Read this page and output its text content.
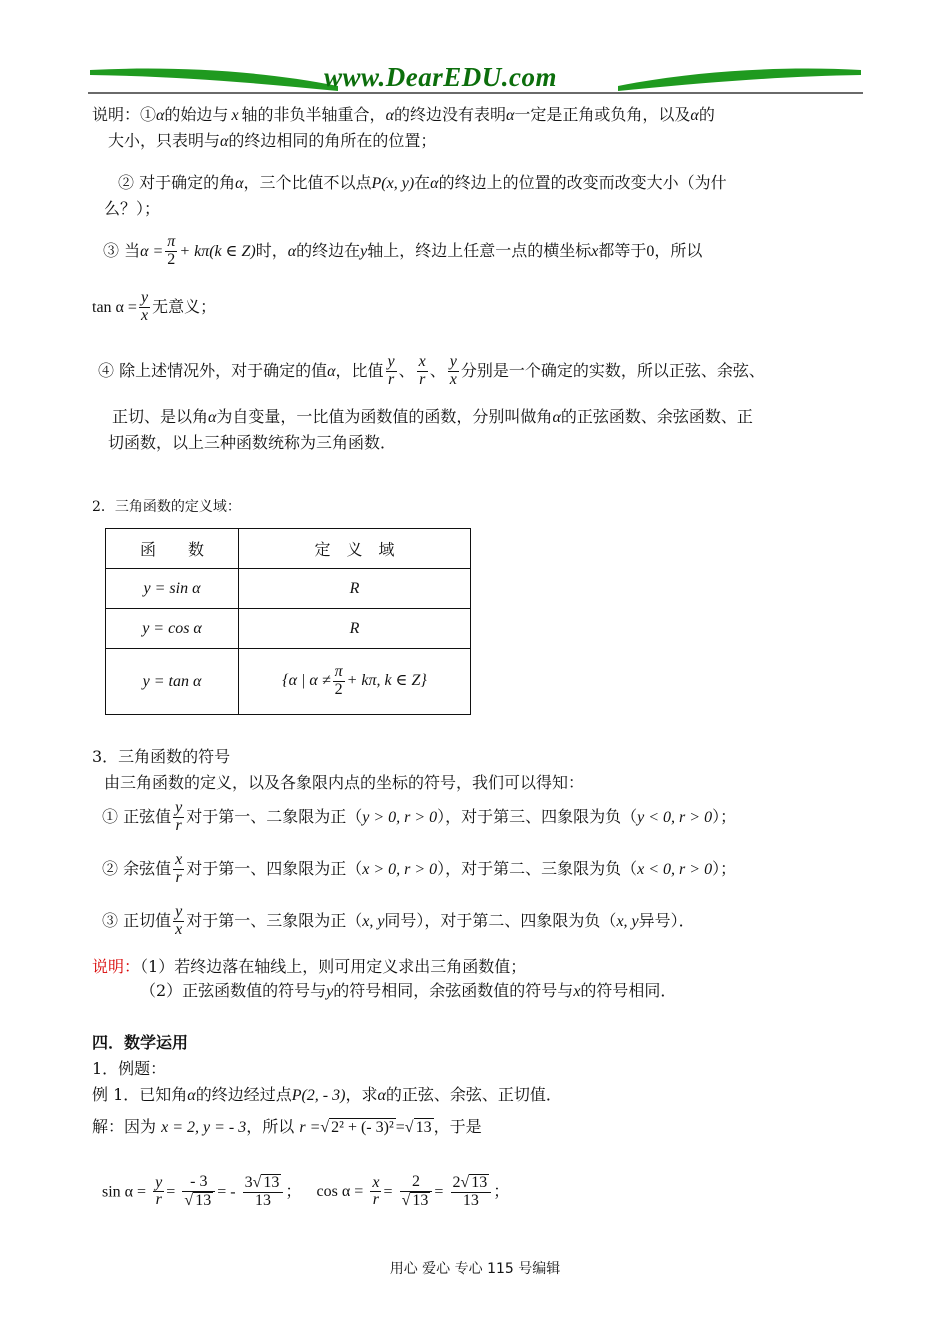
www.DearEDU.com
说明：①α的始边与 x 轴的非负半轴重合，α的终边没有表明α一定是正角或负角，以及α的
大小，只表明与α的终边相同的角所在的位置；
② 对于确定的角α，三个比值不以点P(x, y)在α的终边上的位置的改变而改变大小（为什
么？）；
③ 当$\alpha = \frac{\pi}{2} + k\pi(k$ ∈ Z)时，α的终边在y轴上，终边上任意一点的横坐标x都等于0，所以
$\tan \alpha = \frac{y}{x}$ 无意义；
④ 除上述情况外，对于确定的值α，比值 $\frac{y}{r}$ 、 $\frac{x}{r}$ 、 $\frac{y}{x}$ 分别是一个确定的实数，所以正弦、余弦、
正切、是以角α为自变量，一比值为函数值的函数，分别叫做角α的正弦函数、余弦函数、正
切函数，以上三种函数统称为三角函数．
2．三角函数的定义域：
函　　数	定　义　域
y = sin α	R
y = cos α	R
y = tan α	{α | $\alpha \ne \frac{\pi}{2} + k\pi$, k ∈ Z}
3．三角函数的符号
由三角函数的定义，以及各象限内点的坐标的符号，我们可以得知：
① 正弦值 $\frac{y}{r}$ 对于第一、二象限为正（y > 0, r > 0），对于第三、四象限为负（y < 0, r > 0）；
② 余弦值 $\frac{x}{r}$ 对于第一、四象限为正（x > 0, r > 0），对于第二、三象限为负（x < 0, r > 0）；
③ 正切值 $\frac{y}{x}$ 对于第一、三象限为正（x, y同号），对于第二、四象限为负（x, y异号）．
说明：（1）若终边落在轴线上，则可用定义求出三角函数值；
（2）正弦函数值的符号与y的符号相同，余弦函数值的符号与x的符号相同．
四．数学运用
1．例题：
例 1．已知角α的终边经过点P(2, - 3)，求α的正弦、余弦、正切值．
解：因为 x = 2, y = - 3，所以 r =√ 2² + (- 3)² =√ 13 ，于是
$\sin \alpha = \frac{y}{r} = \frac{- 3}{√ 13}$ = - $\frac{3√ 13}{13}$ ； $\cos \alpha = \frac{x}{r} = \frac{2}{√ 13} = \frac{2√ 13}{13}$ ；
用心 爱心 专心 115 号编辑
